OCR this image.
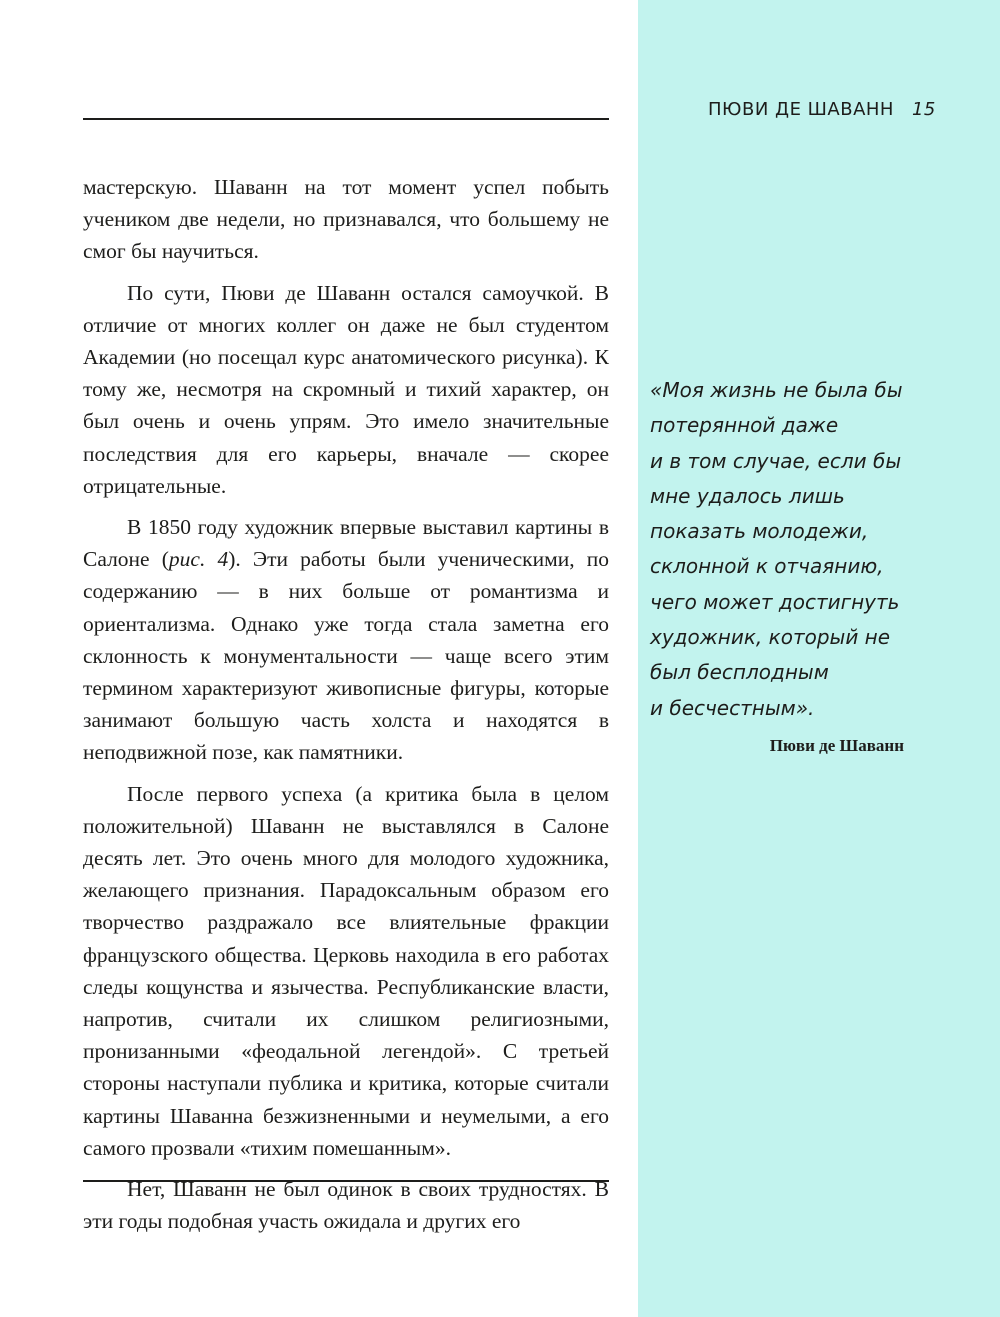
ПЮВИ ДЕ ШАВАНН 15

мастерскую. Шаванн на тот момент успел побыть учеником две недели, но признавался, что большему не смог бы научиться.

По сути, Пюви де Шаванн остался самоучкой. В отличие от многих коллег он даже не был студентом Академии (но посещал курс анатомического рисунка). К тому же, несмотря на скромный и тихий характер, он был очень и очень упрям. Это имело значительные последствия для его карьеры, вначале — скорее отрицательные.

В 1850 году художник впервые выставил картины в Салоне (рис. 4). Эти работы были ученическими, по содержанию — в них больше от романтизма и ориентализма. Однако уже тогда стала заметна его склонность к монументальности — чаще всего этим термином характеризуют живописные фигуры, которые занимают большую часть холста и находятся в неподвижной позе, как памятники.

После первого успеха (а критика была в целом положительной) Шаванн не выставлялся в Салоне десять лет. Это очень много для молодого художника, желающего признания. Парадоксальным образом его творчество раздражало все влиятельные фракции французского общества. Церковь находила в его работах следы кощунства и язычества. Республиканские власти, напротив, считали их слишком религиозными, пронизанными «феодальной легендой». С третьей стороны наступали публика и критика, которые считали картины Шаванна безжизненными и неумелыми, а его самого прозвали «тихим помешанным».

Нет, Шаванн не был одинок в своих трудностях. В эти годы подобная участь ожидала и других его

«Моя жизнь не была бы
потерянной даже
и в том случае, если бы
мне удалось лишь
показать молодежи,
склонной к отчаянию,
чего может достигнуть
художник, который не
был бесплодным
и бесчестным».
Пюви де Шаванн
